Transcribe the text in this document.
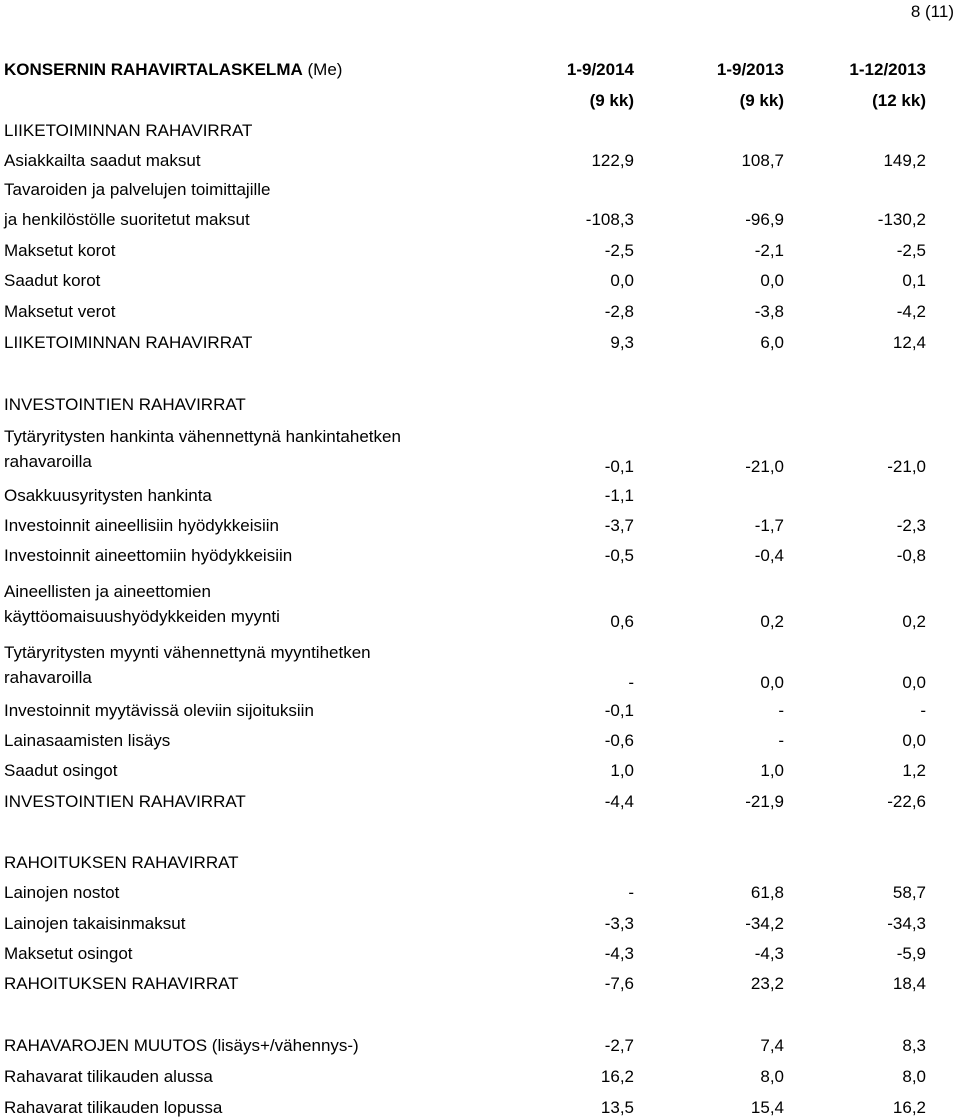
8 (11)
KONSERNIN RAHAVIRTALASKELMA (Me)	1-9/2014	1-9/2013	1-12/2013
(9 kk)	(9 kk)	(12 kk)
LIIKETOIMINNAN RAHAVIRRAT
Asiakkailta saadut maksut	122,9	108,7	149,2
Tavaroiden ja palvelujen toimittajille
ja henkilöstölle suoritetut maksut	-108,3	-96,9	-130,2
Maksetut korot	-2,5	-2,1	-2,5
Saadut korot	0,0	0,0	0,1
Maksetut verot	-2,8	-3,8	-4,2
LIIKETOIMINNAN RAHAVIRRAT	9,3	6,0	12,4
INVESTOINTIEN RAHAVIRRAT
Tytäryritysten hankinta vähennettynä hankintahetken
rahavaroilla	-0,1	-21,0	-21,0
Osakkuusyritysten hankinta	-1,1
Investoinnit aineellisiin hyödykkeisiin	-3,7	-1,7	-2,3
Investoinnit aineettomiin hyödykkeisiin	-0,5	-0,4	-0,8
Aineellisten ja aineettomien
käyttöomaisuushyödykkeiden myynti	0,6	0,2	0,2
Tytäryritysten myynti vähennettynä myyntihetken
rahavaroilla	-	0,0	0,0
Investoinnit myytävissä oleviin sijoituksiin	-0,1	-	-
Lainasaamisten lisäys	-0,6	-	0,0
Saadut osingot	1,0	1,0	1,2
INVESTOINTIEN RAHAVIRRAT	-4,4	-21,9	-22,6
RAHOITUKSEN RAHAVIRRAT
Lainojen nostot	-	61,8	58,7
Lainojen takaisinmaksut	-3,3	-34,2	-34,3
Maksetut osingot	-4,3	-4,3	-5,9
RAHOITUKSEN RAHAVIRRAT	-7,6	23,2	18,4
RAHAVAROJEN MUUTOS (lisäys+/vähennys-)	-2,7	7,4	8,3
Rahavarat tilikauden alussa	16,2	8,0	8,0
Rahavarat tilikauden lopussa	13,5	15,4	16,2
